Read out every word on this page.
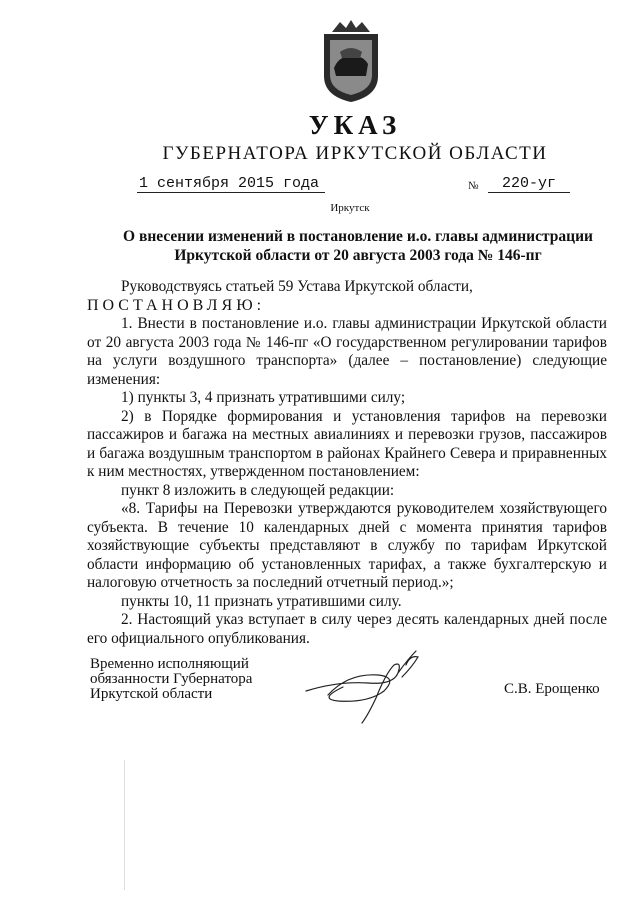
УКАЗ
ГУБЕРНАТОРА ИРКУТСКОЙ ОБЛАСТИ
1 сентября 2015 года	№	220-уг
Иркутск
О внесении изменений в постановление и.о. главы администрации
Иркутской области от 20 августа 2003 года № 146-пг

Руководствуясь статьей 59 Устава Иркутской области,

ПОСТАНОВЛЯЮ:

1. Внести в постановление и.о. главы администрации Иркутской области от 20 августа 2003 года № 146-пг «О государственном регулировании тарифов на услуги воздушного транспорта» (далее – постановление) следующие изменения:

1) пункты 3, 4 признать утратившими силу;

2) в Порядке формирования и установления тарифов на перевозки пассажиров и багажа на местных авиалиниях и перевозки грузов, пассажиров и багажа воздушным транспортом в районах Крайнего Севера и приравненных к ним местностях, утвержденном постановлением:

пункт 8 изложить в следующей редакции:

«8. Тарифы на Перевозки утверждаются руководителем хозяйствующего субъекта. В течение 10 календарных дней с момента принятия тарифов хозяйствующие субъекты представляют в службу по тарифам Иркутской области информацию об установленных тарифах, а также бухгалтерскую и налоговую отчетность за последний отчетный период.»;

пункты 10, 11 признать утратившими силу.

2. Настоящий указ вступает в силу через десять календарных дней после его официального опубликования.

Временно исполняющий
обязанности Губернатора
Иркутской области	С.В. Ерощенко
